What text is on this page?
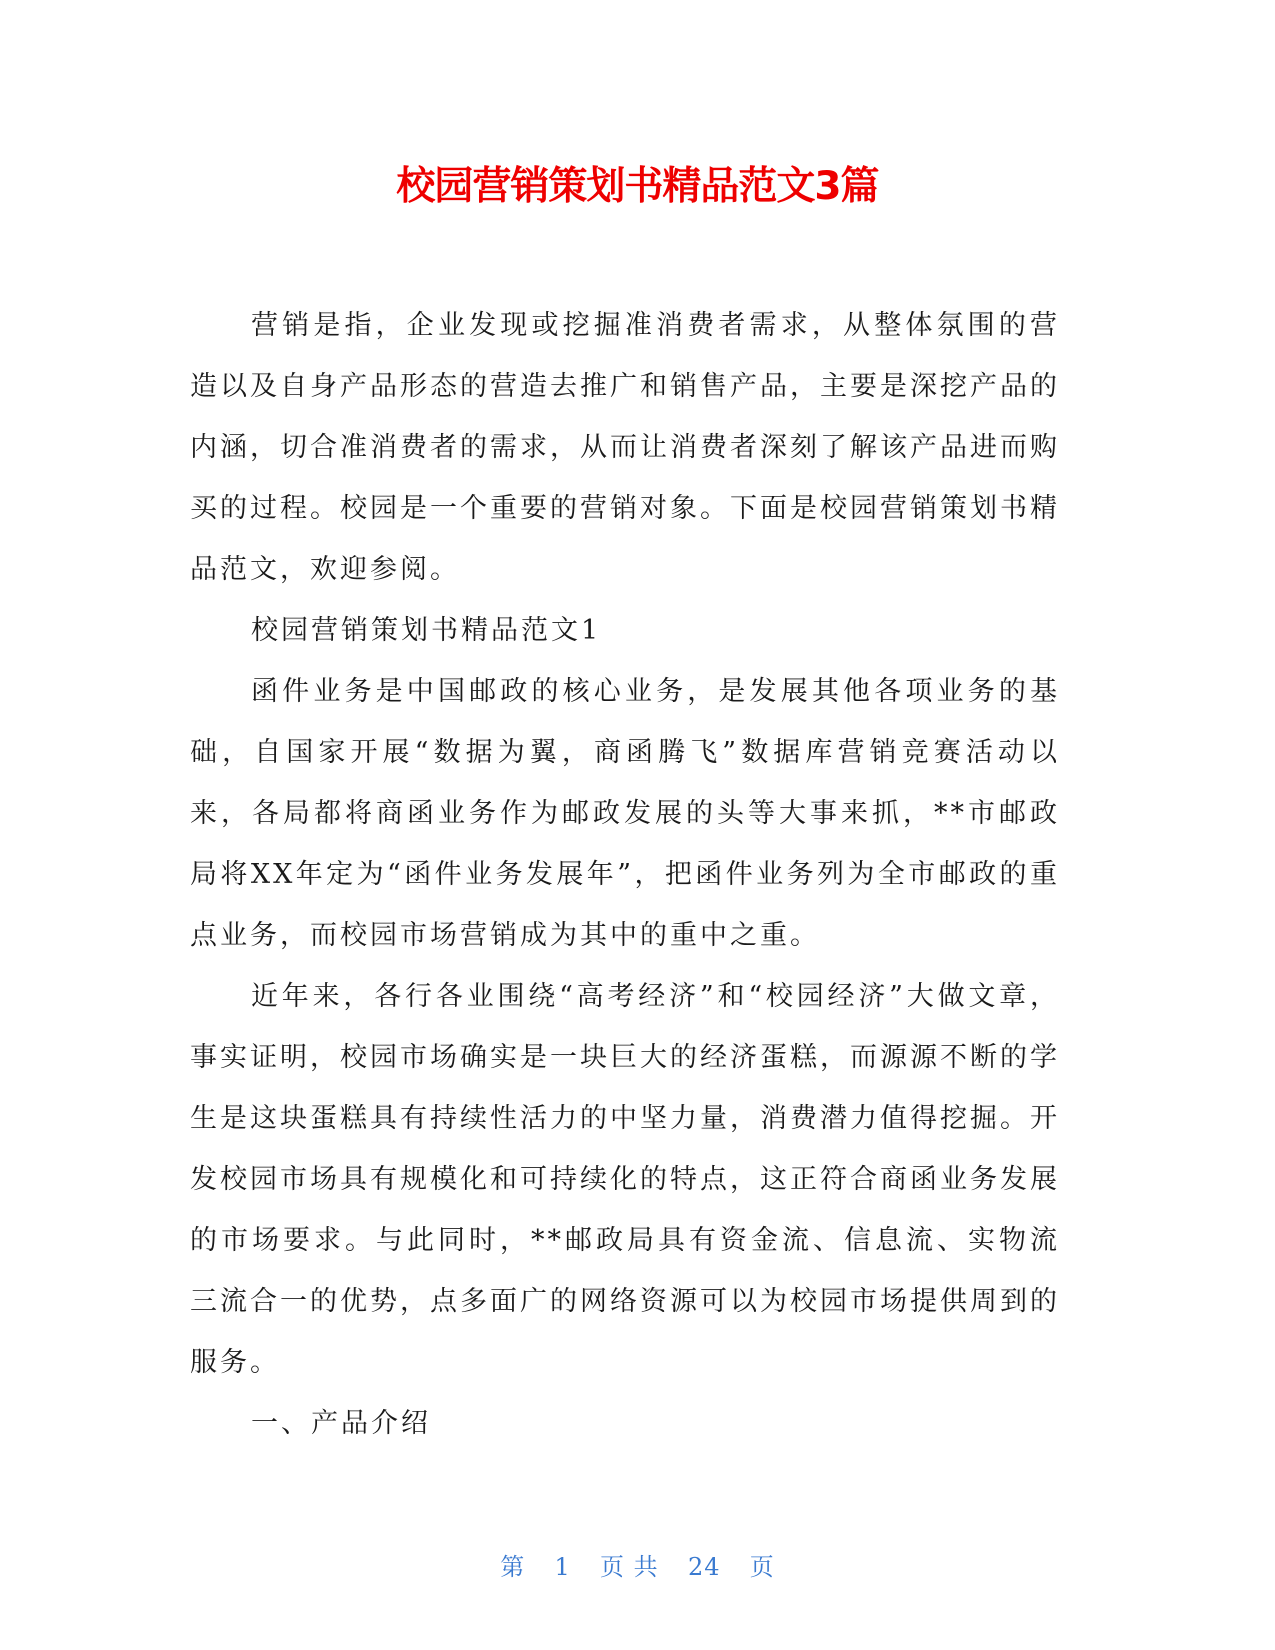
校园营销策划书精品范文3篇

营销是指，企业发现或挖掘准消费者需求，从整体氛围的营造以及自身产品形态的营造去推广和销售产品，主要是深挖产品的内涵，切合准消费者的需求，从而让消费者深刻了解该产品进而购买的过程。校园是一个重要的营销对象。下面是校园营销策划书精品范文，欢迎参阅。

校园营销策划书精品范文1

函件业务是中国邮政的核心业务，是发展其他各项业务的基础，自国家开展“数据为翼，商函腾飞”数据库营销竞赛活动以来，各局都将商函业务作为邮政发展的头等大事来抓，**市邮政局将XX年定为“函件业务发展年”，把函件业务列为全市邮政的重点业务，而校园市场营销成为其中的重中之重。

近年来，各行各业围绕“高考经济”和“校园经济”大做文章，事实证明，校园市场确实是一块巨大的经济蛋糕，而源源不断的学生是这块蛋糕具有持续性活力的中坚力量，消费潜力值得挖掘。开发校园市场具有规模化和可持续化的特点，这正符合商函业务发展的市场要求。与此同时，**邮政局具有资金流、信息流、实物流三流合一的优势，点多面广的网络资源可以为校园市场提供周到的服务。

一、产品介绍

第 1 页 共 24 页
